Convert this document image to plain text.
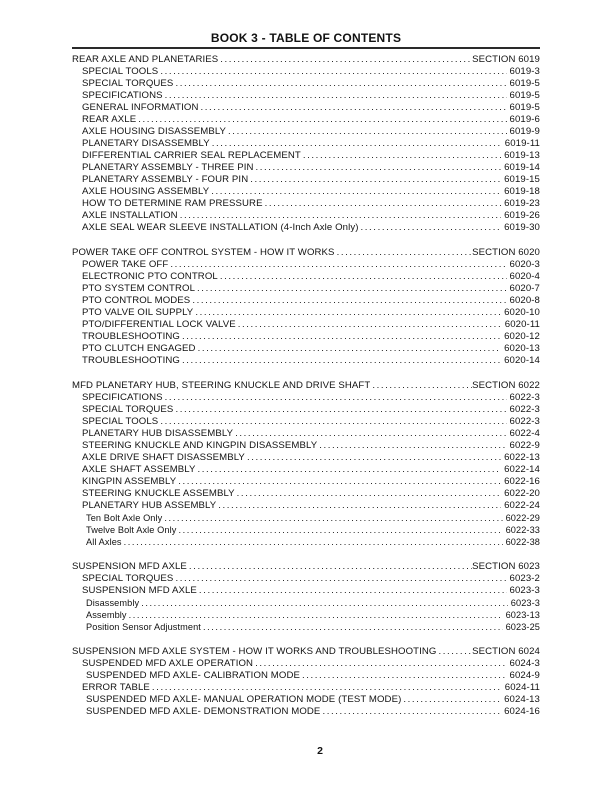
BOOK 3 - TABLE OF CONTENTS
REAR AXLE AND PLANETARIES .....	SECTION 6019
SPECIAL TOOLS .....	6019-3
SPECIAL TORQUES .....	6019-5
SPECIFICATIONS .....	6019-5
GENERAL INFORMATION .....	6019-5
REAR AXLE .....	6019-6
AXLE HOUSING DISASSEMBLY .....	6019-9
PLANETARY DISASSEMBLY .....	6019-11
DIFFERENTIAL CARRIER SEAL REPLACEMENT .....	6019-13
PLANETARY ASSEMBLY - THREE PIN .....	6019-14
PLANETARY ASSEMBLY - FOUR PIN .....	6019-15
AXLE HOUSING ASSEMBLY .....	6019-18
HOW TO DETERMINE RAM PRESSURE .....	6019-23
AXLE INSTALLATION .....	6019-26
AXLE SEAL WEAR SLEEVE INSTALLATION (4-Inch Axle Only) .....	6019-30
POWER TAKE OFF CONTROL SYSTEM - HOW IT WORKS .....	SECTION 6020
POWER TAKE OFF .....	6020-3
ELECTRONIC PTO CONTROL .....	6020-4
PTO SYSTEM CONTROL .....	6020-7
PTO CONTROL MODES .....	6020-8
PTO VALVE OIL SUPPLY .....	6020-10
PTO/DIFFERENTIAL LOCK VALVE .....	6020-11
TROUBLESHOOTING .....	6020-12
PTO CLUTCH ENGAGED .....	6020-13
TROUBLESHOOTING .....	6020-14
MFD PLANETARY HUB, STEERING KNUCKLE AND DRIVE SHAFT .....	SECTION 6022
SPECIFICATIONS .....	6022-3
SPECIAL TORQUES .....	6022-3
SPECIAL TOOLS .....	6022-3
PLANETARY HUB DISASSEMBLY .....	6022-4
STEERING KNUCKLE AND KINGPIN DISASSEMBLY .....	6022-9
AXLE DRIVE SHAFT DISASSEMBLY .....	6022-13
AXLE SHAFT ASSEMBLY .....	6022-14
KINGPIN ASSEMBLY .....	6022-16
STEERING KNUCKLE ASSEMBLY .....	6022-20
PLANETARY HUB ASSEMBLY .....	6022-24
Ten Bolt Axle Only .....	6022-29
Twelve Bolt Axle Only .....	6022-33
All Axles .....	6022-38
SUSPENSION MFD AXLE .....	SECTION 6023
SPECIAL TORQUES .....	6023-2
SUSPENSION MFD AXLE .....	6023-3
Disassembly .....	6023-3
Assembly .....	6023-13
Position Sensor Adjustment .....	6023-25
SUSPENSION MFD AXLE SYSTEM - HOW IT WORKS AND TROUBLESHOOTING .....	SECTION 6024
SUSPENDED MFD AXLE OPERATION .....	6024-3
SUSPENDED MFD AXLE- CALIBRATION MODE .....	6024-9
ERROR TABLE .....	6024-11
SUSPENDED MFD AXLE- MANUAL OPERATION MODE (TEST MODE) .....	6024-13
SUSPENDED MFD AXLE- DEMONSTRATION MODE .....	6024-16
2
